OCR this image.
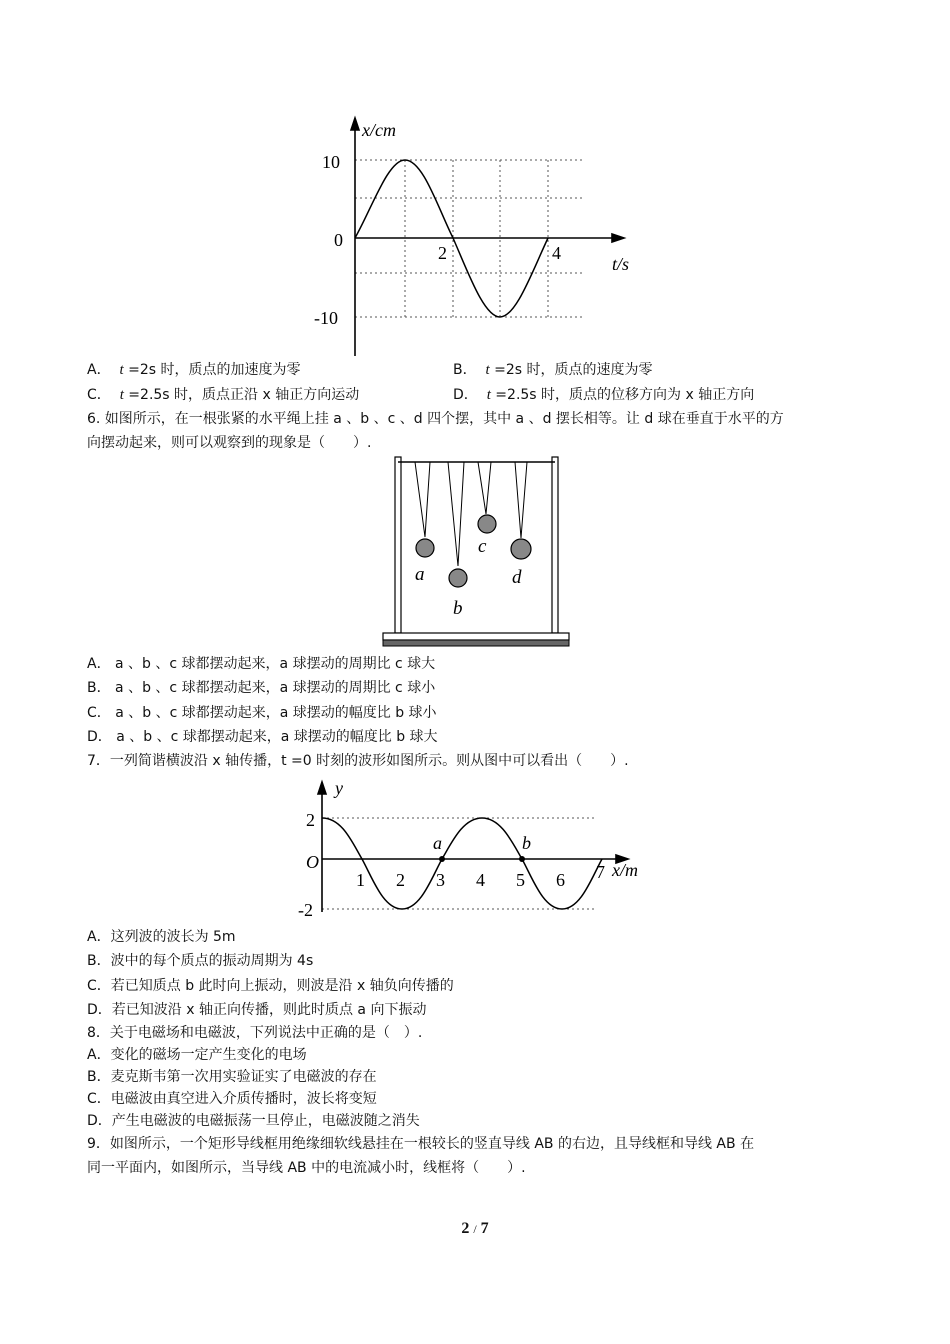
x/cm
10
0
-10
2	4
t/s
A． t =2s 时，质点的加速度为零	B． t =2s 时，质点的速度为零
C． t =2.5s 时，质点正沿 x 轴正方向运动	D． t =2.5s 时，质点的位移方向为 x 轴正方向
6. 如图所示，在一根张紧的水平绳上挂 a 、b 、c 、d 四个摆，其中 a 、d 摆长相等。让 d 球在垂直于水平的方
向摆动起来，则可以观察到的现象是（　　）.
a
b
c
d
A． a 、b 、c 球都摆动起来，a 球摆动的周期比 c 球大
B． a 、b 、c 球都摆动起来，a 球摆动的周期比 c 球小
C． a 、b 、c 球都摆动起来，a 球摆动的幅度比 b 球小
D． a 、b 、c 球都摆动起来，a 球摆动的幅度比 b 球大
7．一列简谐横波沿 x 轴传播，t =0 时刻的波形如图所示。则从图中可以看出（　　）.
y
O
2
-2
1 2 3 4 5 6 7 x/m
a	b
A．这列波的波长为 5m
B．波中的每个质点的振动周期为 4s
C．若已知质点 b 此时向上振动，则波是沿 x 轴负向传播的
D．若已知波沿 x 轴正向传播，则此时质点 a 向下振动
8．关于电磁场和电磁波，下列说法中正确的是（　）.
A．变化的磁场一定产生变化的电场
B．麦克斯韦第一次用实验证实了电磁波的存在
C．电磁波由真空进入介质传播时，波长将变短
D．产生电磁波的电磁振荡一旦停止，电磁波随之消失
9．如图所示，一个矩形导线框用绝缘细软线悬挂在一根较长的竖直导线 AB 的右边，且导线框和导线 AB 在
同一平面内，如图所示，当导线 AB 中的电流减小时，线框将（　　）.
2 / 7
